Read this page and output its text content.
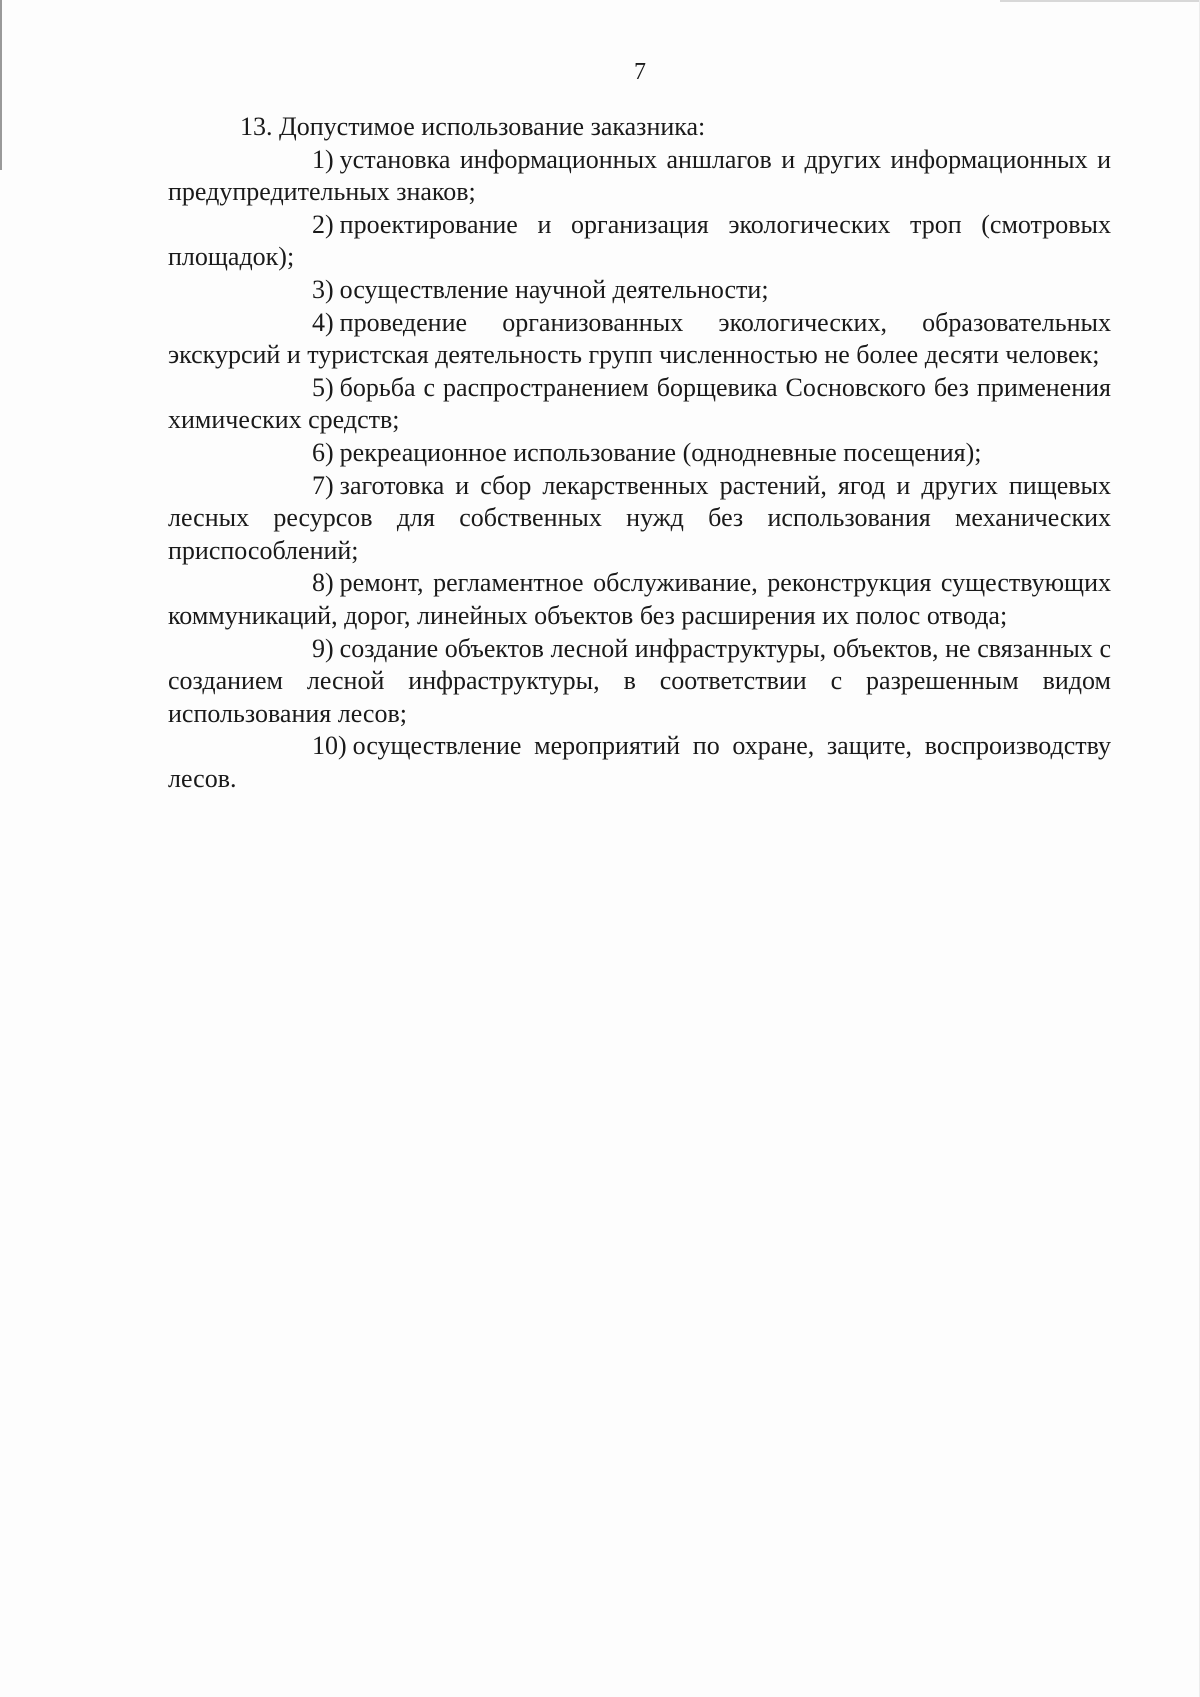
7

13. Допустимое использование заказника:

1) установка информационных аншлагов и других информационных и предупредительных знаков;

2) проектирование и организация экологических троп (смотровых площадок);

3) осуществление научной деятельности;

4) проведение организованных экологических, образовательных экскурсий и туристская деятельность групп численностью не более десяти человек;

5) борьба с распространением борщевика Сосновского без применения химических средств;

6) рекреационное использование (однодневные посещения);

7) заготовка и сбор лекарственных растений, ягод и других пищевых лесных ресурсов для собственных нужд без использования механических приспособлений;

8) ремонт, регламентное обслуживание, реконструкция существующих коммуникаций, дорог, линейных объектов без расширения их полос отвода;

9) создание объектов лесной инфраструктуры, объектов, не связанных с созданием лесной инфраструктуры, в соответствии с разрешенным видом использования лесов;

10) осуществление мероприятий по охране, защите, воспроизводству лесов.
